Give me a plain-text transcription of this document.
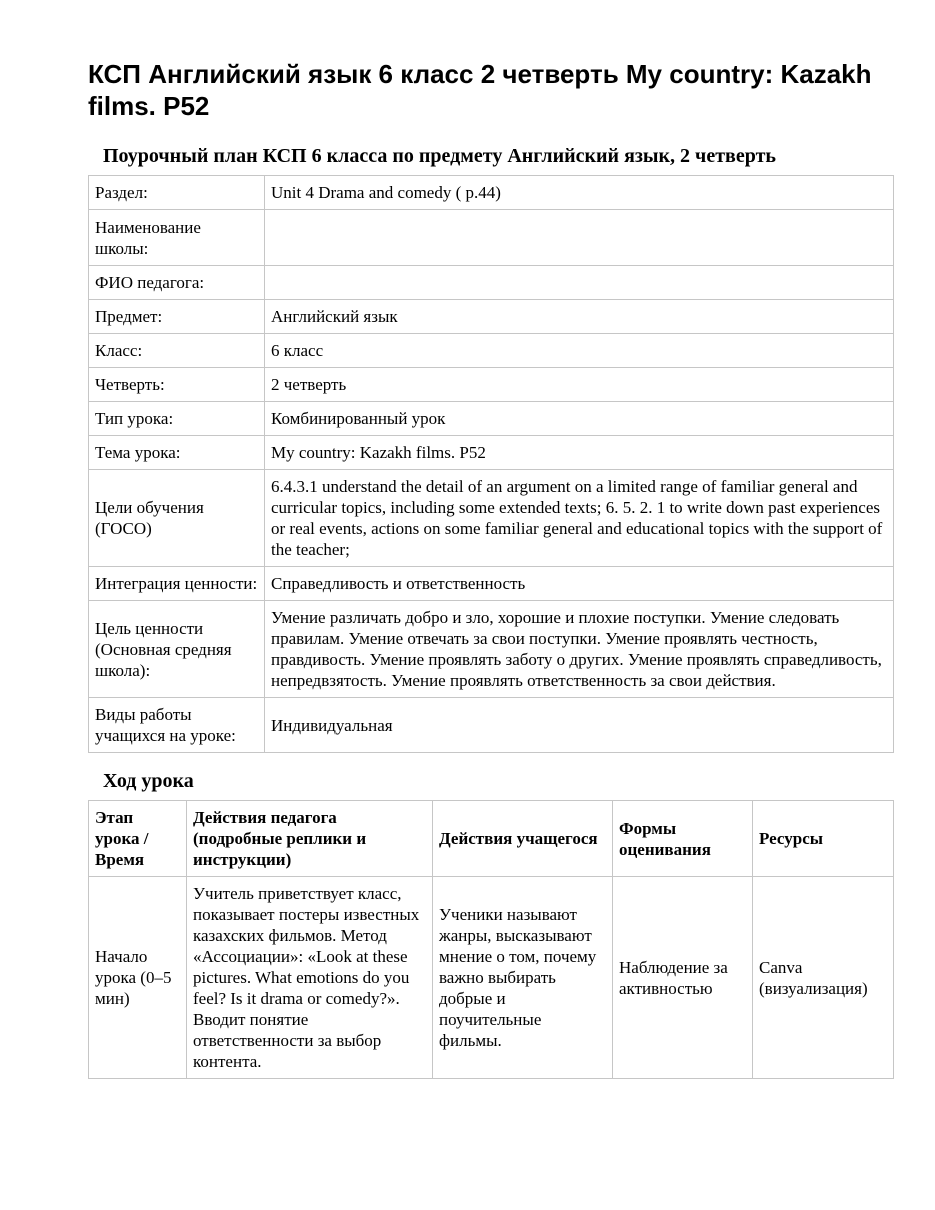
КСП Английский язык 6 класс 2 четверть My country: Kazakh films. P52
Поурочный план КСП 6 класса по предмету Английский язык, 2 четверть
Раздел:	Unit 4 Drama and comedy ( p.44)
Наименование школы:	
ФИО педагога:	
Предмет:	Английский язык
Класс:	6 класс
Четверть:	2 четверть
Тип урока:	Комбинированный урок
Тема урока:	My country: Kazakh films. P52
Цели обучения (ГОСО)	6.4.3.1 understand the detail of an argument on a limited range of familiar general and curricular topics, including some extended texts; 6. 5. 2. 1 to write down past experiences or real events, actions on some familiar general and educational topics with the support of the teacher;
Интеграция ценности:	Справедливость и ответственность
Цель ценности (Основная средняя школа):	Умение различать добро и зло, хорошие и плохие поступки. Умение следовать правилам. Умение отвечать за свои поступки. Умение проявлять честность, правдивость. Умение проявлять заботу о других. Умение проявлять справедливость, непредвзятость. Умение проявлять ответственность за свои действия.
Виды работы учащихся на уроке:	Индивидуальная
Ход урока
Этап урока / Время	Действия педагога (подробные реплики и инструкции)	Действия учащегося	Формы оценивания	Ресурсы
Начало урока (0–5 мин)	Учитель приветствует класс, показывает постеры известных казахских фильмов. Метод «Ассоциации»: «Look at these pictures. What emotions do you feel? Is it drama or comedy?». Вводит понятие ответственности за выбор контента.	Ученики называют жанры, высказывают мнение о том, почему важно выбирать добрые и поучительные фильмы.	Наблюдение за активностью	Canva (визуализация)
